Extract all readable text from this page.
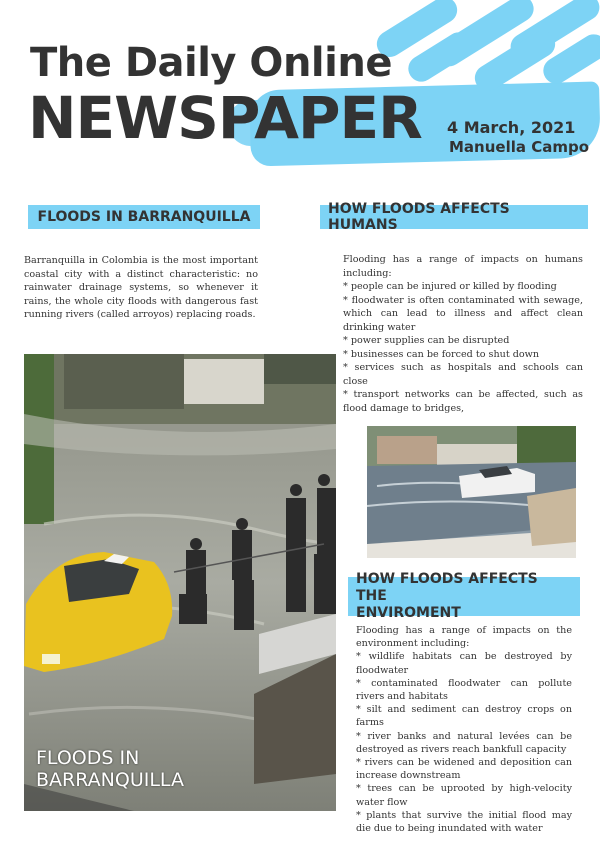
The Daily Online
NEWSPAPER 4 March, 2021
Manuella Campo
FLOODS IN BARRANQUILLA

Barranquilla in Colombia is the most important coastal city with a distinct characteristic: no rainwater drainage systems, so whenever it rains, the whole city floods with dangerous fast running rivers (called arroyos) replacing roads.

FLOODS IN
BARRANQUILLA
HOW FLOODS AFFECTS HUMANS

Flooding has a range of impacts on humans including:

* people can be injured or killed by flooding

* floodwater is often contaminated with sewage, which can lead to illness and affect clean drinking water

* power supplies can be disrupted

* businesses can be forced to shut down

* services such as hospitals and schools can close

* transport networks can be affected, such as flood damage to bridges,

HOW FLOODS AFFECTS THE
ENVIROMENT

Flooding has a range of impacts on the environment including:

* wildlife habitats can be destroyed by floodwater

* contaminated floodwater can pollute rivers and habitats

* silt and sediment can destroy crops on farms

* river banks and natural levées can be destroyed as rivers reach bankfull capacity

* rivers can be widened and deposition can increase downstream

* trees can be uprooted by high-velocity water flow

* plants that survive the initial flood may die due to being inundated with water
